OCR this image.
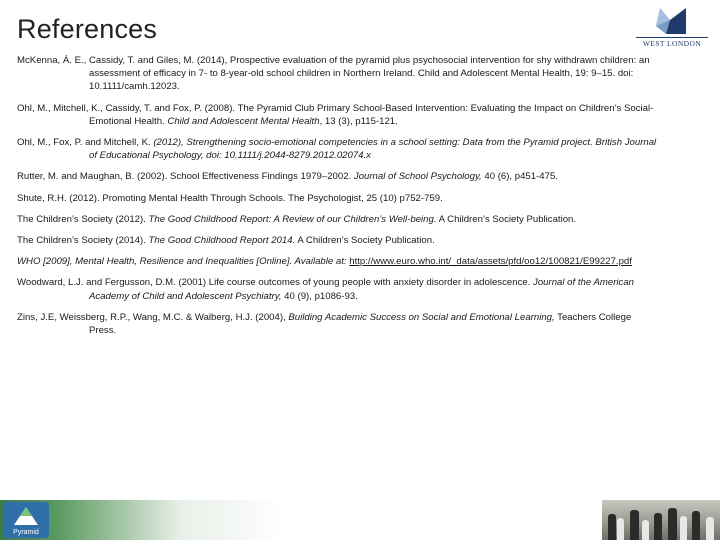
References	WEST LONDON

McKenna, Á. E., Cassidy, T. and Giles, M. (2014), Prospective evaluation of the pyramid plus psychosocial intervention for shy withdrawn children: an assessment of efficacy in 7- to 8-year-old school children in Northern Ireland. Child and Adolescent Mental Health, 19: 9–15. doi: 10.1111/camh.12023.

Ohl, M., Mitchell, K., Cassidy, T. and Fox, P. (2008). The Pyramid Club Primary School-Based Intervention: Evaluating the Impact on Children’s Social-Emotional Health. Child and Adolescent Mental Health, 13 (3), p115-121.

Ohl, M., Fox, P. and Mitchell, K. (2012), Strengthening socio-emotional competencies in a school setting: Data from the Pyramid project. British Journal of Educational Psychology, doi: 10.1111/j.2044-8279.2012.02074.x

Rutter, M. and Maughan, B. (2002). School Effectiveness Findings 1979–2002. Journal of School Psychology, 40 (6), p451-475.

Shute, R.H. (2012). Promoting Mental Health Through Schools. The Psychologist, 25 (10) p752-759.

The Children’s Society (2012). The Good Childhood Report: A Review of our Children’s Well-being. A Children’s Society Publication.

The Children’s Society (2014). The Good Childhood Report 2014. A Children’s Society Publication.

WHO [2009], Mental Health, Resilience and Inequalities [Online]. Available at: http://www.euro.who.int/_data/assets/pfd/oo12/100821/E99227.pdf

Woodward, L.J. and Fergusson, D.M. (2001) Life course outcomes of young people with anxiety disorder in adolescence. Journal of the American Academy of Child and Adolescent Psychiatry, 40 (9), p1086-93.

Zins, J.E, Weissberg, R.P., Wang, M.C. & Walberg, H.J. (2004), Building Academic Success on Social and Emotional Learning, Teachers College Press.

Pyramid
